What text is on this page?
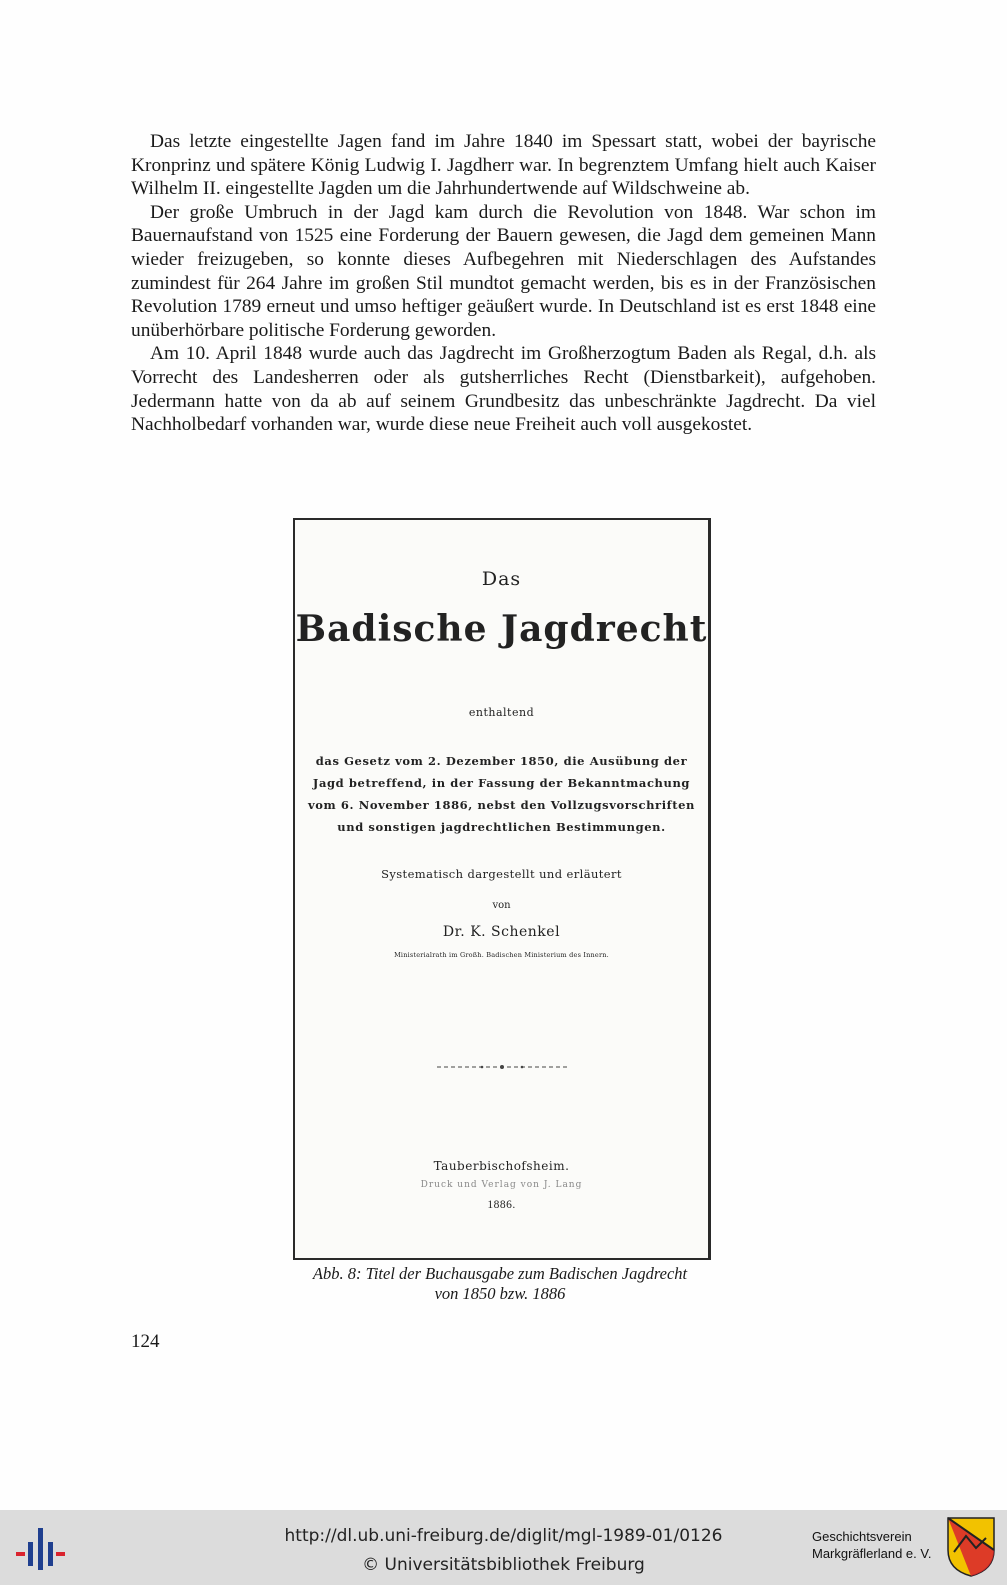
Das letzte eingestellte Jagen fand im Jahre 1840 im Spessart statt, wobei der bayrische Kronprinz und spätere König Ludwig I. Jagdherr war. In begrenztem Umfang hielt auch Kaiser Wilhelm II. eingestellte Jagden um die Jahrhundertwende auf Wildschweine ab.

Der große Umbruch in der Jagd kam durch die Revolution von 1848. War schon im Bauernaufstand von 1525 eine Forderung der Bauern gewesen, die Jagd dem gemeinen Mann wieder freizugeben, so konnte dieses Aufbegehren mit Niederschlagen des Aufstandes zumindest für 264 Jahre im großen Stil mundtot gemacht werden, bis es in der Französischen Revolution 1789 erneut und umso heftiger geäußert wurde. In Deutschland ist es erst 1848 eine unüberhörbare politische Forderung geworden.

Am 10. April 1848 wurde auch das Jagdrecht im Großherzogtum Baden als Regal, d.h. als Vorrecht des Landesherren oder als gutsherrliches Recht (Dienstbarkeit), aufgehoben. Jedermann hatte von da ab auf seinem Grundbesitz das unbeschränkte Jagdrecht. Da viel Nachholbedarf vorhanden war, wurde diese neue Freiheit auch voll ausgekostet.

Das
Badische Jagdrecht
enthaltend
das Gesetz vom 2. Dezember 1850, die Ausübung der
Jagd betreffend, in der Fassung der Bekanntmachung
vom 6. November 1886, nebst den Vollzugsvorschriften
und sonstigen jagdrechtlichen Bestimmungen.
Systematisch dargestellt und erläutert
von
Dr. K. Schenkel
Ministerialrath im Großh. Badischen Ministerium des Innern.
Tauberbischofsheim.
Druck und Verlag von J. Lang
1886.
Abb. 8: Titel der Buchausgabe zum Badischen Jagdrecht
von 1850 bzw. 1886
124
http://dl.ub.uni-freiburg.de/diglit/mgl-1989-01/0126
© Universitätsbibliothek Freiburg
Geschichtsverein
Markgräflerland e. V.
